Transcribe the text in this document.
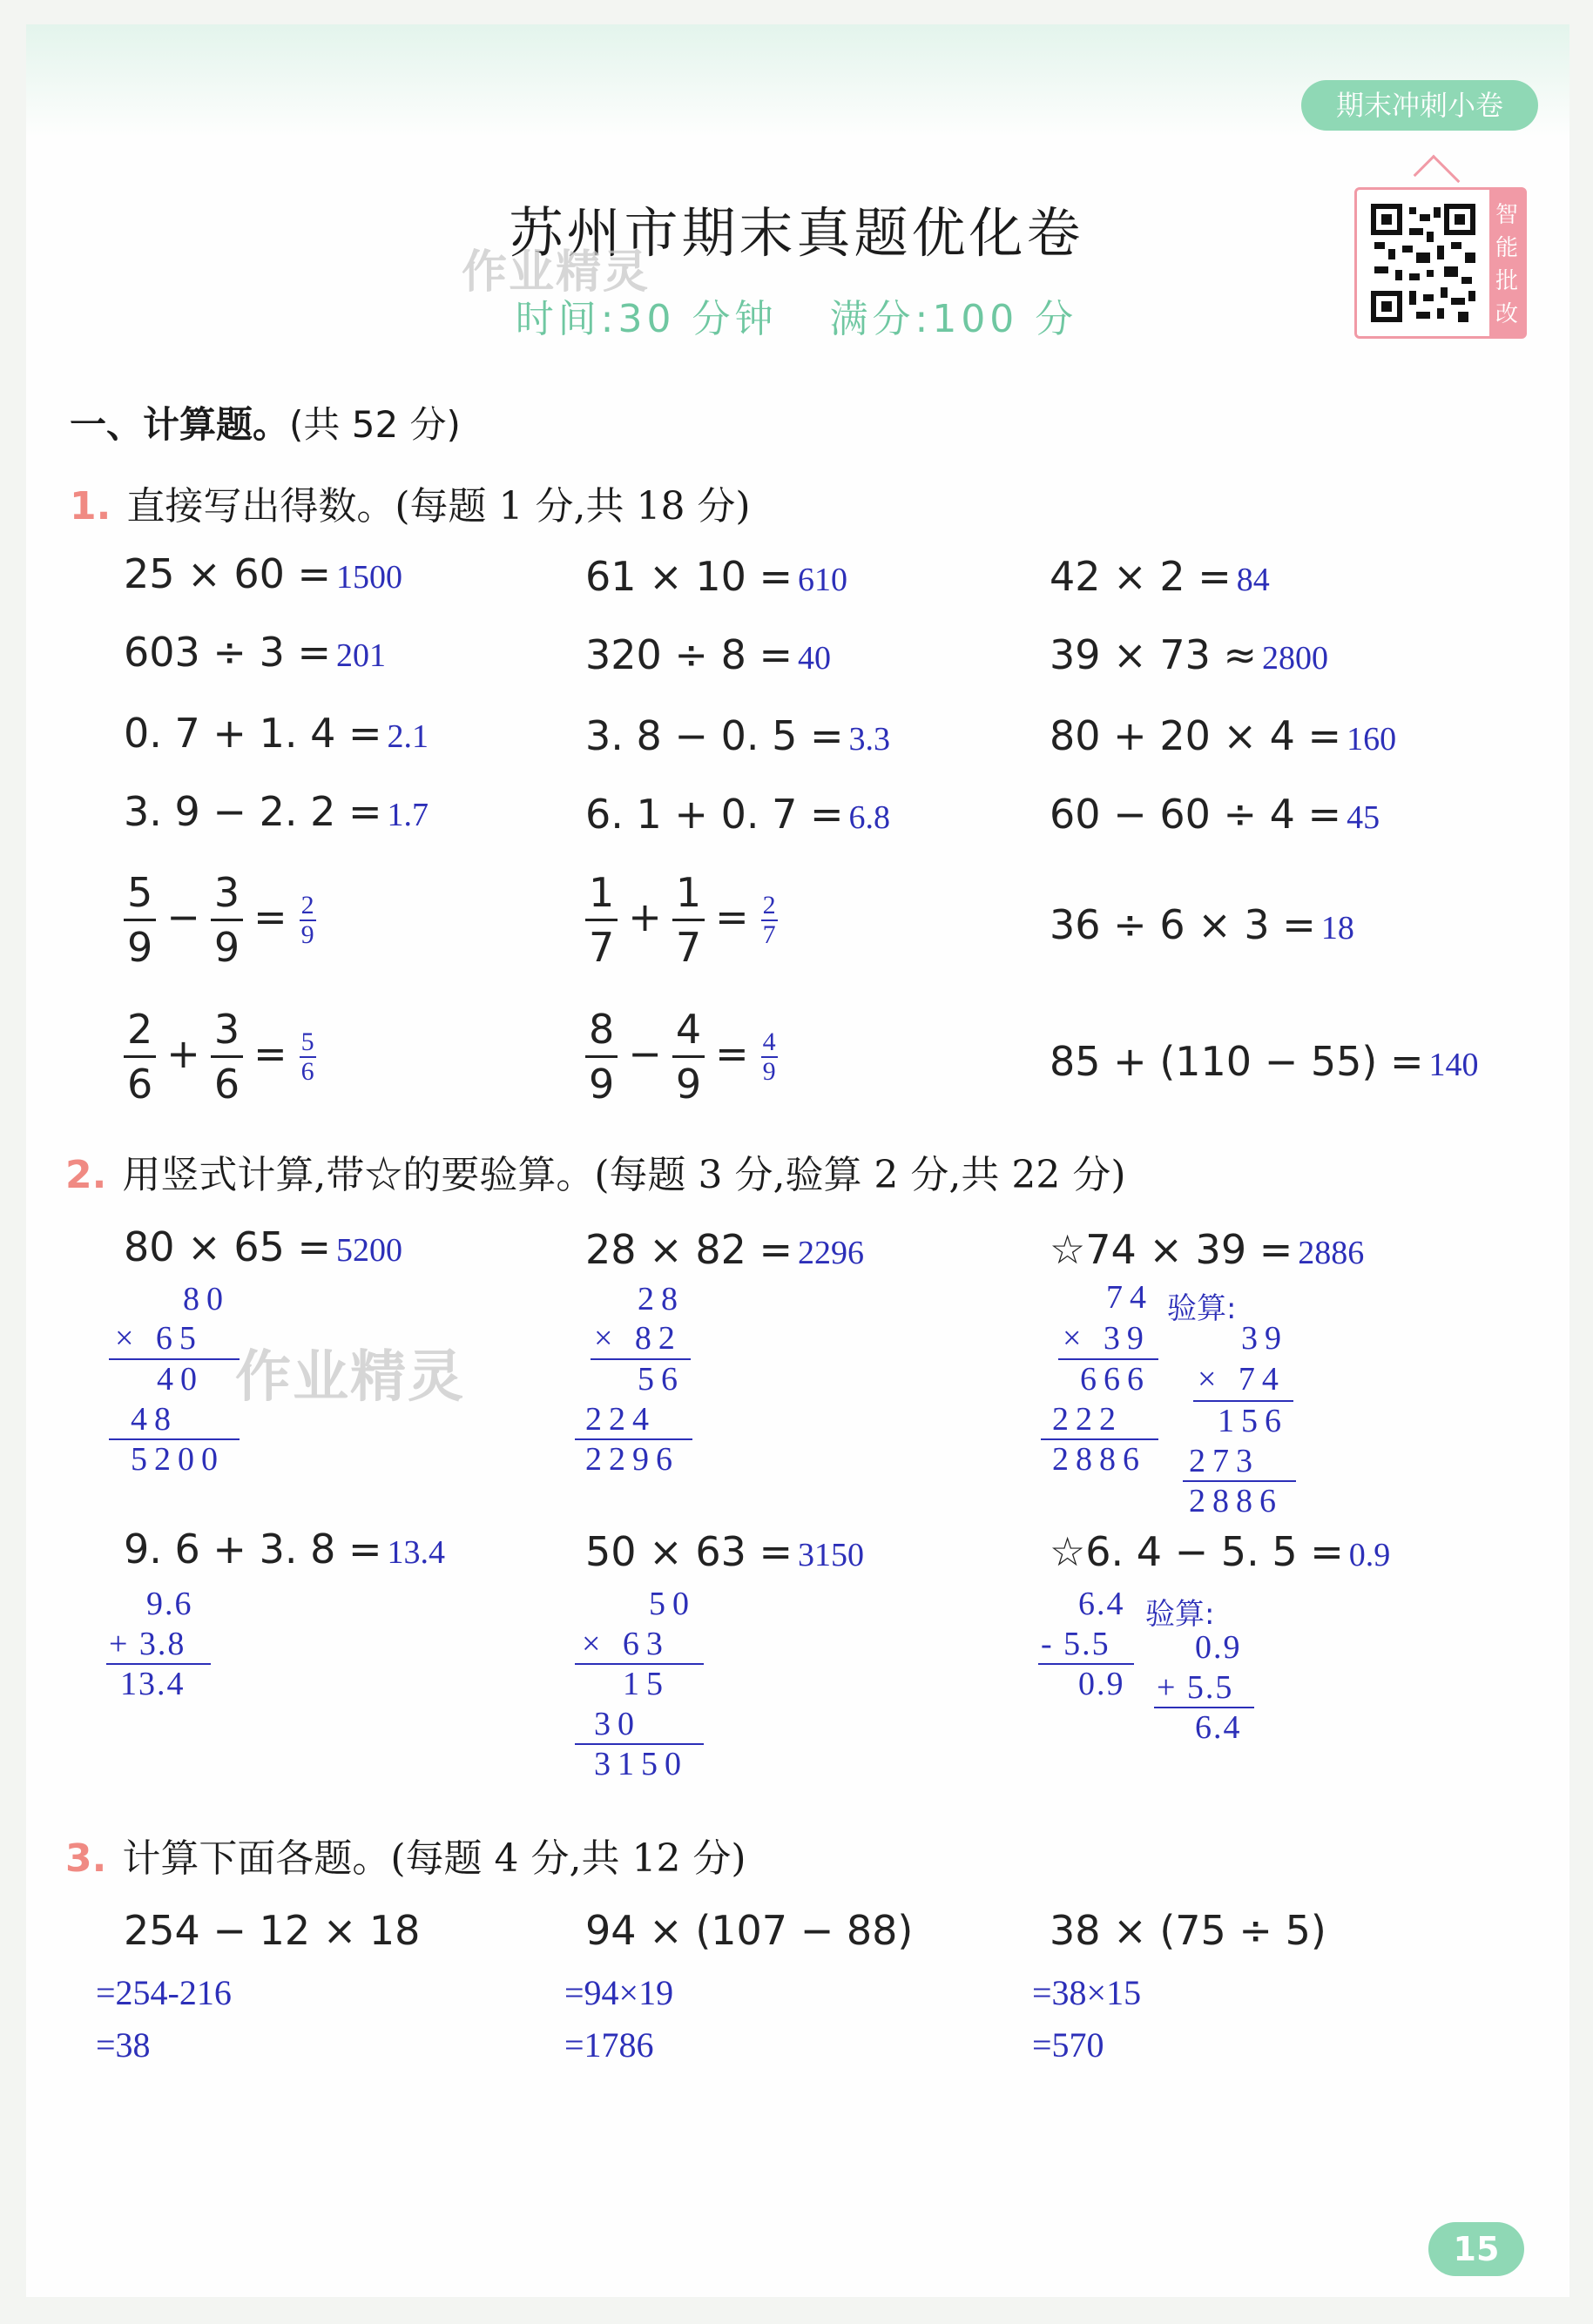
期末冲刺小卷
智
能
批
改
苏州市期末真题优化卷
时间:30 分钟 满分:100 分
作业精灵
作业精灵
一、计算题。(共 52 分)
1. 直接写出得数。(每题 1 分,共 18 分)
25 × 60 = 1500	61 × 10 = 610	42 × 2 = 84
603 ÷ 3 = 201	320 ÷ 8 = 40	39 × 73 ≈ 2800
0. 7 + 1. 4 = 2.1	3. 8 − 0. 5 = 3.3	80 + 20 × 4 = 160
3. 9 − 2. 2 = 1.7	6. 1 + 0. 7 = 6.8	60 − 60 ÷ 4 = 45
$\frac{5}{9} - \frac{3}{9} = \frac{2}{9}$	$\frac{1}{7} + \frac{1}{7} = \frac{2}{7}$	36 ÷ 6 × 3 = 18
$\frac{2}{6} + \frac{3}{6} = \frac{5}{6}$	$\frac{8}{9} - \frac{4}{9} = \frac{4}{9}$	85 + (110 − 55) = 140
2. 用竖式计算,带☆的要验算。(每题 3 分,验算 2 分,共 22 分)
80 × 65 = 5200	28 × 82 = 2296	☆74 × 39 = 2886
80
× 65
40
48
5200
28
× 82
56
224
2296
74 验算:
× 39
666
222
2886
39
× 74
156
273
2886
9. 6 + 3. 8 = 13.4	50 × 63 = 3150	☆6. 4 − 5. 5 = 0.9
9.6
+ 3.8
13.4
50
× 63
15
30
3150
6.4 验算:
- 5.5
0.9
0.9
+ 5.5
6.4
3. 计算下面各题。(每题 4 分,共 12 分)
254 − 12 × 18	94 × (107 − 88)	38 × (75 ÷ 5)
=254-216
=38
=94×19
=1786
=38×15
=570
15
